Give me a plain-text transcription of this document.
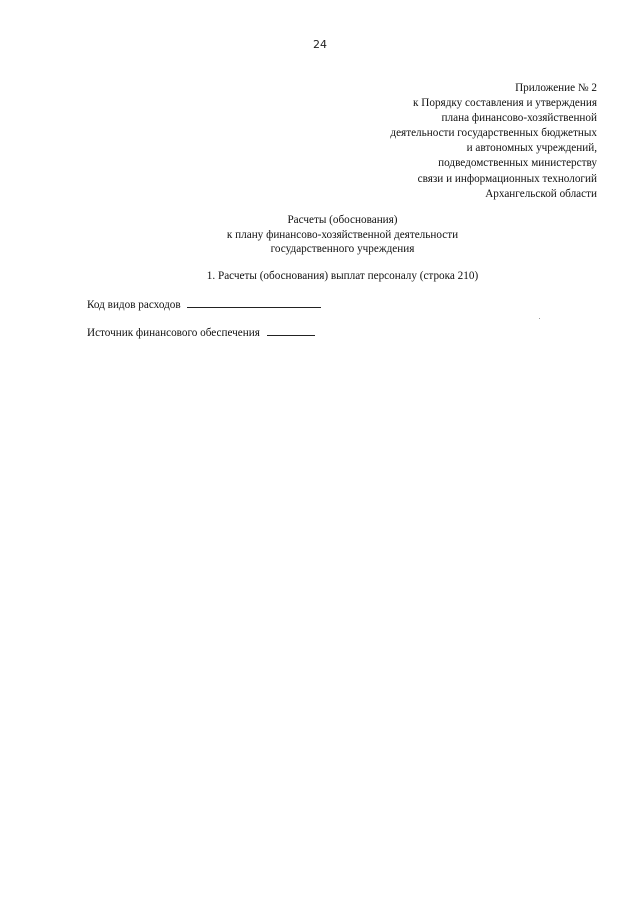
24
Приложение № 2
к Порядку составления и утверждения
плана финансово-хозяйственной
деятельности государственных бюджетных
и автономных учреждений,
подведомственных министерству
связи и информационных технологий
Архангельской области
Расчеты (обоснования)
к плану финансово-хозяйственной деятельности
государственного учреждения
1. Расчеты (обоснования) выплат персоналу (строка 210)
Код видов расходов
Источник финансового обеспечения
